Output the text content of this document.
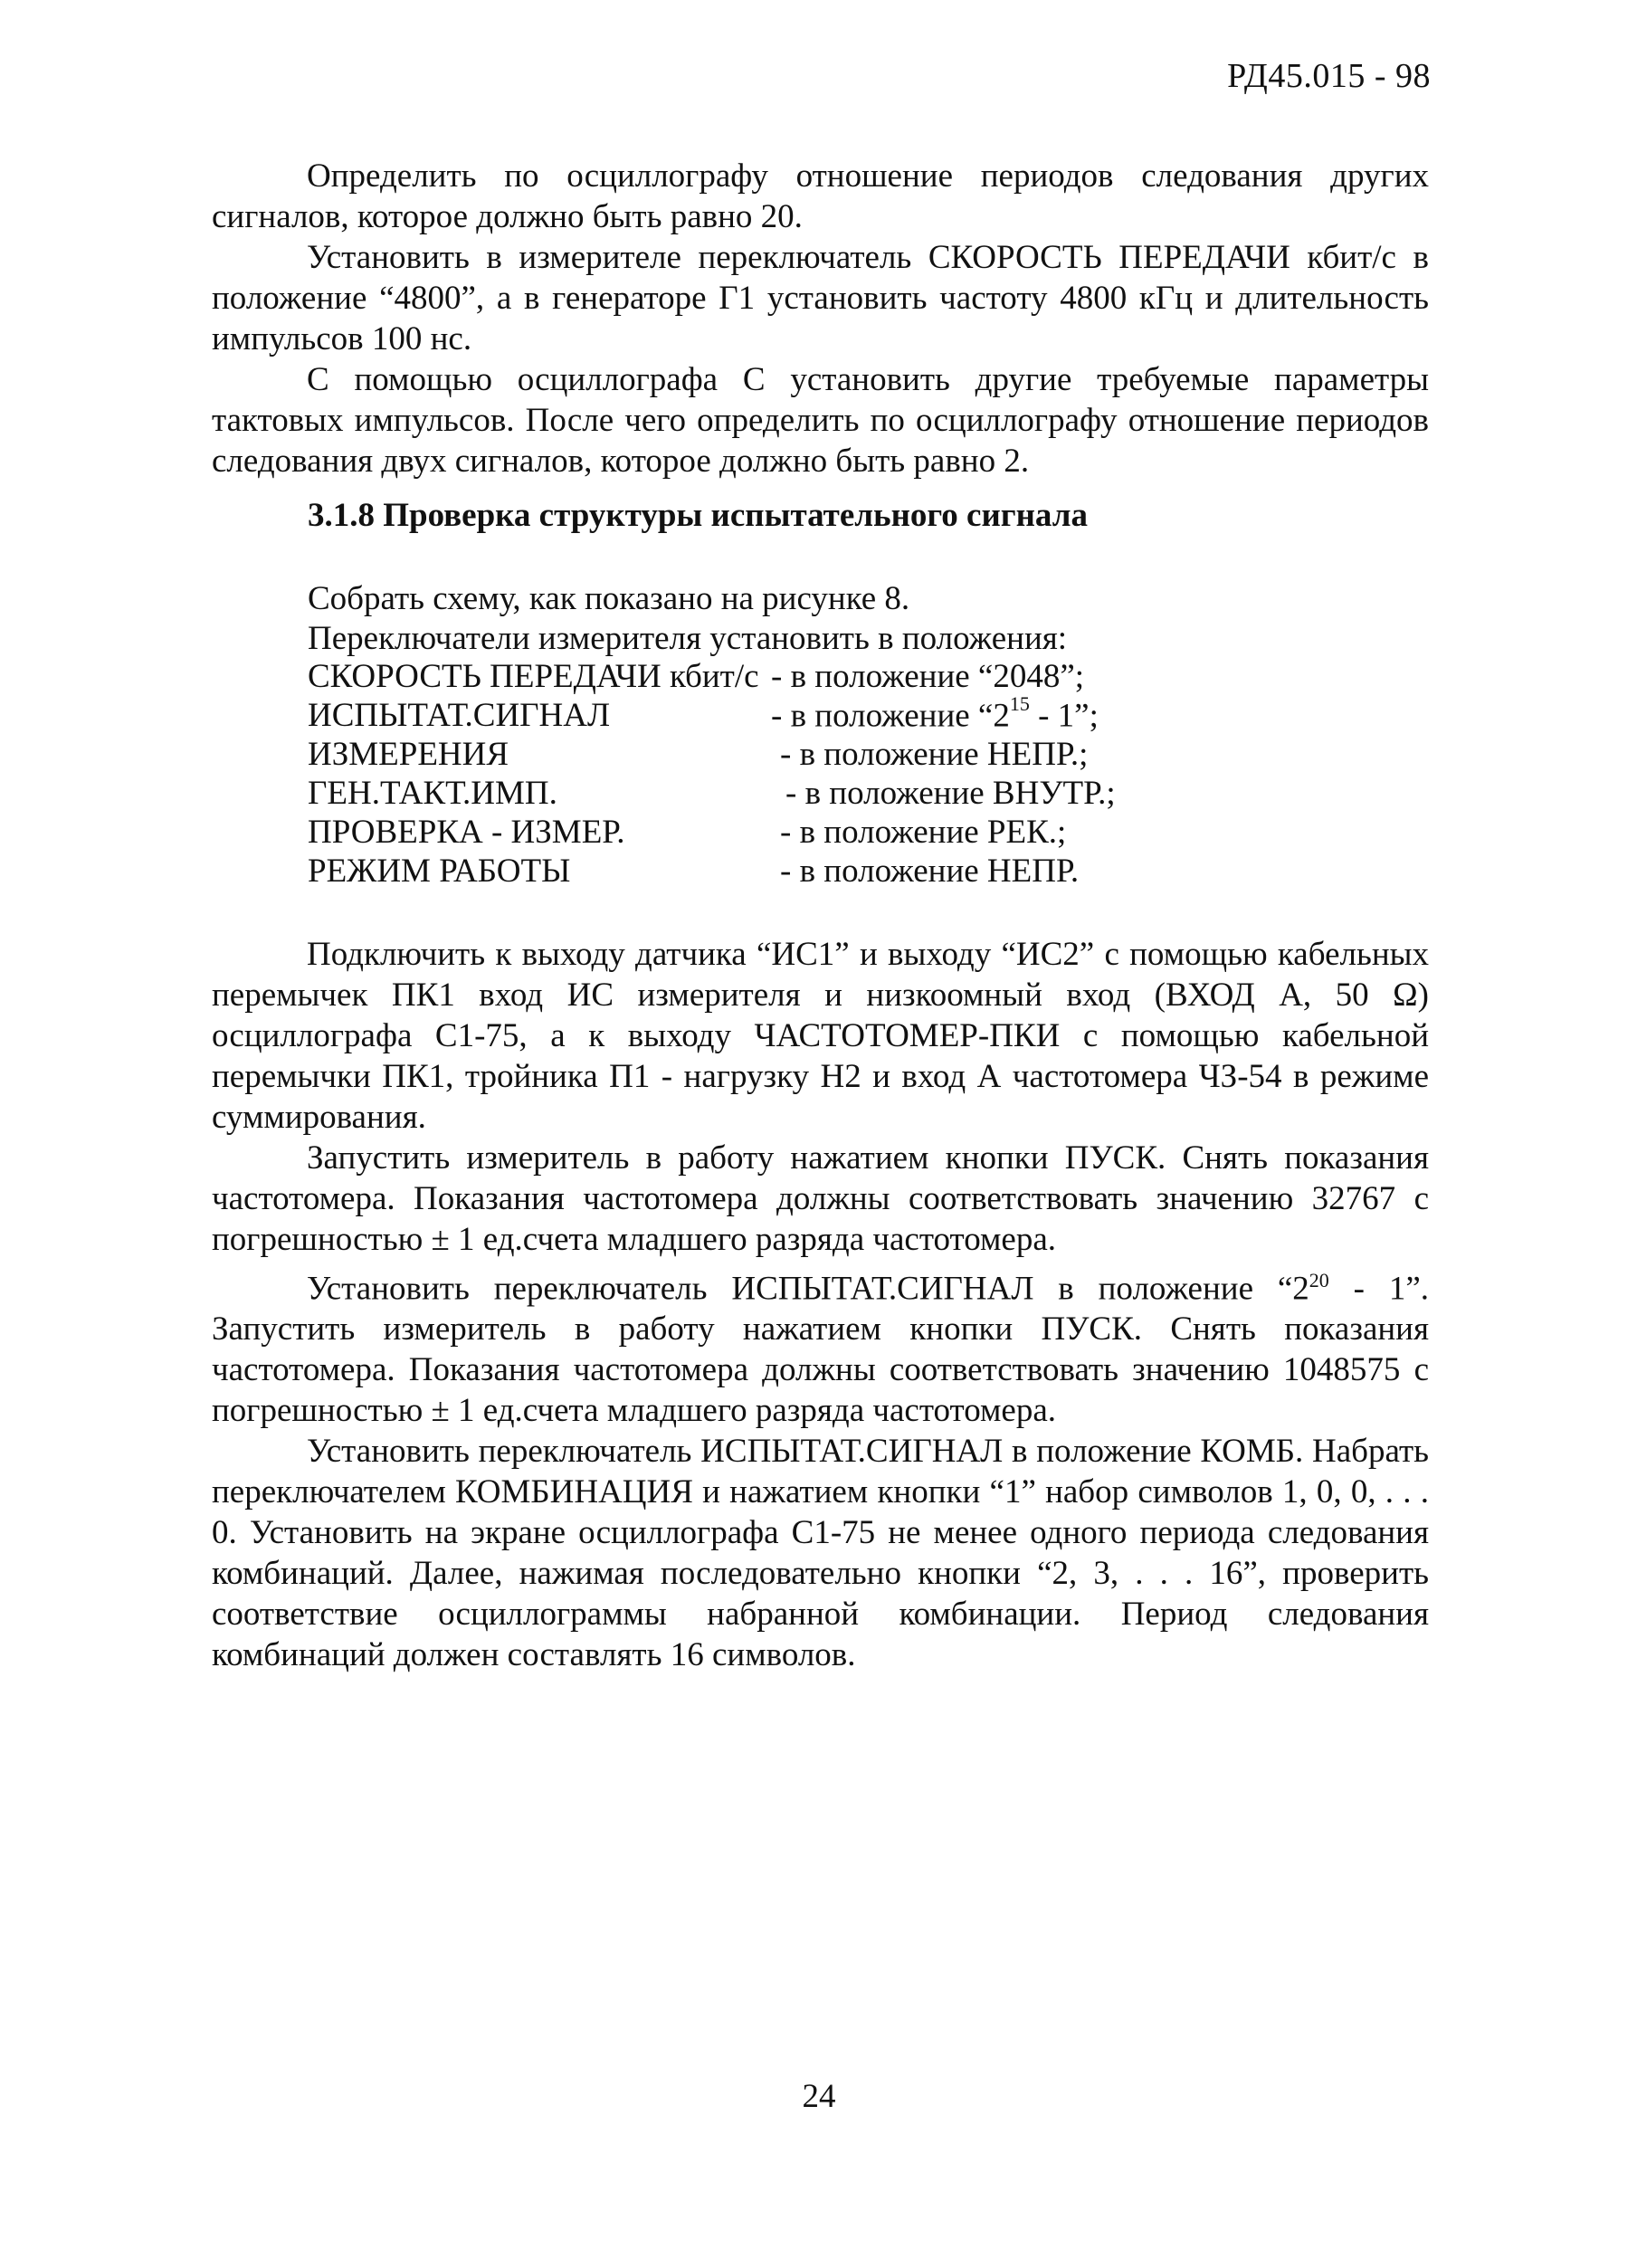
РД45.015 - 98

Определить по осциллографу отношение периодов следования других сигналов, которое должно быть равно 20.

Установить в измерителе переключатель СКОРОСТЬ ПЕРЕДАЧИ кбит/с в положение “4800”, а в генераторе Г1 установить частоту 4800 кГц и длительность импульсов 100 нс.

С помощью осциллографа С установить другие требуемые параметры тактовых импульсов. После чего определить по осциллографу отношение периодов следования двух сигналов, которое должно быть равно 2.

3.1.8 Проверка структуры испытательного сигнала

Собрать схему, как показано на рисунке 8.

Переключатели измерителя установить в положения:

СКОРОСТЬ ПЕРЕДАЧИ кбит/с - в положение “2048”;
ИСПЫТАТ.СИГНАЛ	- в положение “$2^{15} - 1$”;
ИЗМЕРЕНИЯ	- в положение НЕПР.;
ГЕН.ТАКТ.ИМП.	- в положение ВНУТР.;
ПРОВЕРКА - ИЗМЕР.	- в положение РЕК.;
РЕЖИМ РАБОТЫ	- в положение НЕПР.

Подключить к выходу датчика “ИС1” и выходу “ИС2” с помощью кабельных перемычек ПК1 вход ИС измерителя и низкоомный вход (ВХОД А, 50 Ω) осциллографа С1-75, а к выходу ЧАСТОТОМЕР-ПКИ с помощью кабельной перемычки ПК1, тройника П1 - нагрузку Н2 и вход А частотомера ЧЗ-54 в режиме суммирования.

Запустить измеритель в работу нажатием кнопки ПУСК. Снять показания частотомера. Показания частотомера должны соответствовать значению 32767 с погрешностью ± 1 ед.счета младшего разряда частотомера.

Установить переключатель ИСПЫТАТ.СИГНАЛ в положение “$2^{20} - 1$”. Запустить измеритель в работу нажатием кнопки ПУСК. Снять показания частотомера. Показания частотомера должны соответствовать значению 1048575 с погрешностью ± 1 ед.счета младшего разряда частотомера.

Установить переключатель ИСПЫТАТ.СИГНАЛ в положение КОМБ. Набрать переключателем КОМБИНАЦИЯ и нажатием кнопки “1” набор символов 1, 0, 0, . . . 0. Установить на экране осциллографа С1-75 не менее одного периода следования комбинаций. Далее, нажимая последовательно кнопки “2, 3, . . . 16”, проверить соответствие осциллограммы набранной комбинации. Период следования комбинаций должен составлять 16 символов.

24
